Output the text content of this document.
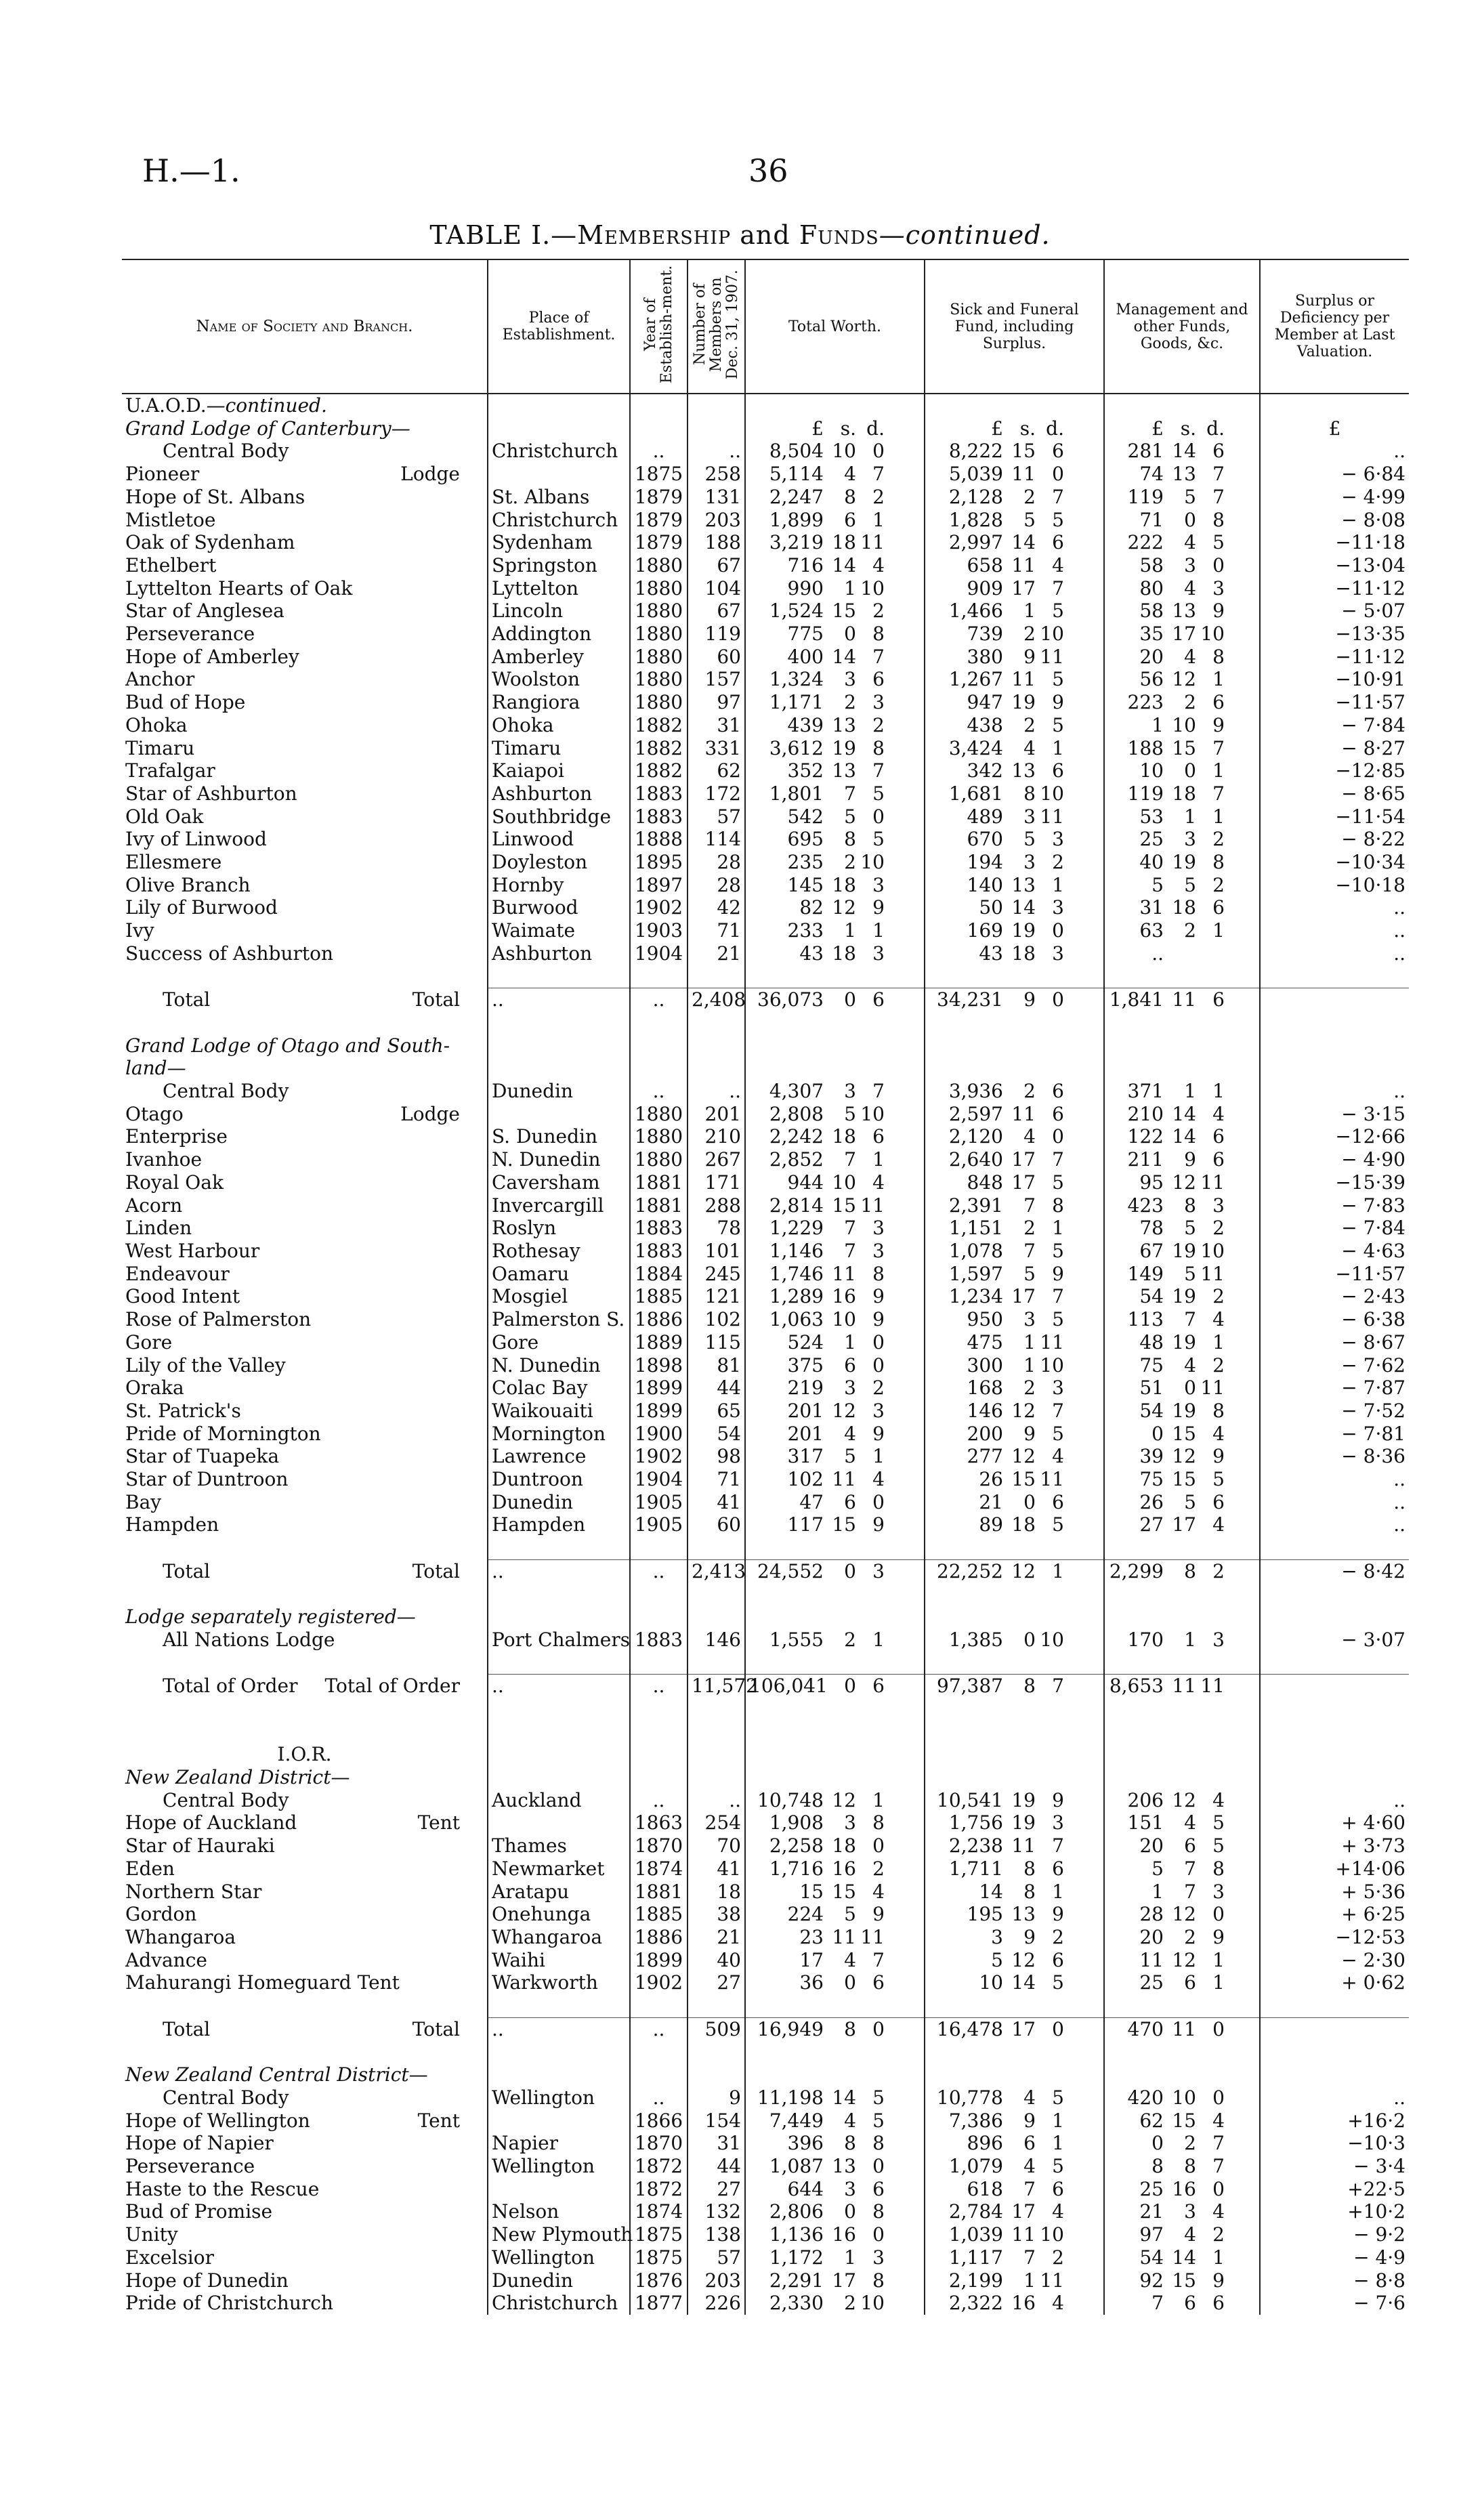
H.—1.	36
TABLE I.—Membership and Funds—continued.
Name of Society and Branch.	Place of Establishment.	Year of Establish-ment.	Number of Members on Dec. 31, 1907.	Total Worth.	Sick and Funeral Fund, including Surplus.	Management and other Funds, Goods, &c.	Surplus or Deficiency per Member at Last Valuation.
U.A.O.D.—continued.							
Grand Lodge of Canterbury—				£ s. d.	£ s. d.	£ s. d.	£
Central Body	Christchurch	..	..	8,504 10 0	8,222 15 6	281 14 6	..
Pioneer Lodge		1875	258	5,114 4 7	5,039 11 0	74 13 7	− 6·84
Hope of St. Albans	St. Albans	1879	131	2,247 8 2	2,128 2 7	119 5 7	− 4·99
Mistletoe	Christchurch	1879	203	1,899 6 1	1,828 5 5	71 0 8	− 8·08
Oak of Sydenham	Sydenham	1879	188	3,219 18 11	2,997 14 6	222 4 5	−11·18
Ethelbert	Springston	1880	67	716 14 4	658 11 4	58 3 0	−13·04
Lyttelton Hearts of Oak	Lyttelton	1880	104	990 1 10	909 17 7	80 4 3	−11·12
Star of Anglesea	Lincoln	1880	67	1,524 15 2	1,466 1 5	58 13 9	− 5·07
Perseverance	Addington	1880	119	775 0 8	739 2 10	35 17 10	−13·35
Hope of Amberley	Amberley	1880	60	400 14 7	380 9 11	20 4 8	−11·12
Anchor	Woolston	1880	157	1,324 3 6	1,267 11 5	56 12 1	−10·91
Bud of Hope	Rangiora	1880	97	1,171 2 3	947 19 9	223 2 6	−11·57
Ohoka	Ohoka	1882	31	439 13 2	438 2 5	1 10 9	− 7·84
Timaru	Timaru	1882	331	3,612 19 8	3,424 4 1	188 15 7	− 8·27
Trafalgar	Kaiapoi	1882	62	352 13 7	342 13 6	10 0 1	−12·85
Star of Ashburton	Ashburton	1883	172	1,801 7 5	1,681 8 10	119 18 7	− 8·65
Old Oak	Southbridge	1883	57	542 5 0	489 3 11	53 1 1	−11·54
Ivy of Linwood	Linwood	1888	114	695 8 5	670 5 3	25 3 2	− 8·22
Ellesmere	Doyleston	1895	28	235 2 10	194 3 2	40 19 8	−10·34
Olive Branch	Hornby	1897	28	145 18 3	140 13 1	5 5 2	−10·18
Lily of Burwood	Burwood	1902	42	82 12 9	50 14 3	31 18 6	..
Ivy	Waimate	1903	71	233 1 1	169 19 0	63 2 1	..
Success of Ashburton	Ashburton	1904	21	43 18 3	43 18 3	..	..

Total Total	..	..	2,408	36,073 0 6	34,231 9 0	1,841 11 6	

Grand Lodge of Otago and South-							
land—							
Central Body	Dunedin	..	..	4,307 3 7	3,936 2 6	371 1 1	..
Otago Lodge		1880	201	2,808 5 10	2,597 11 6	210 14 4	− 3·15
Enterprise	S. Dunedin	1880	210	2,242 18 6	2,120 4 0	122 14 6	−12·66
Ivanhoe	N. Dunedin	1880	267	2,852 7 1	2,640 17 7	211 9 6	− 4·90
Royal Oak	Caversham	1881	171	944 10 4	848 17 5	95 12 11	−15·39
Acorn	Invercargill	1881	288	2,814 15 11	2,391 7 8	423 8 3	− 7·83
Linden	Roslyn	1883	78	1,229 7 3	1,151 2 1	78 5 2	− 7·84
West Harbour	Rothesay	1883	101	1,146 7 3	1,078 7 5	67 19 10	− 4·63
Endeavour	Oamaru	1884	245	1,746 11 8	1,597 5 9	149 5 11	−11·57
Good Intent	Mosgiel	1885	121	1,289 16 9	1,234 17 7	54 19 2	− 2·43
Rose of Palmerston	Palmerston S.	1886	102	1,063 10 9	950 3 5	113 7 4	− 6·38
Gore	Gore	1889	115	524 1 0	475 1 11	48 19 1	− 8·67
Lily of the Valley	N. Dunedin	1898	81	375 6 0	300 1 10	75 4 2	− 7·62
Oraka	Colac Bay	1899	44	219 3 2	168 2 3	51 0 11	− 7·87
St. Patrick's	Waikouaiti	1899	65	201 12 3	146 12 7	54 19 8	− 7·52
Pride of Mornington	Mornington	1900	54	201 4 9	200 9 5	0 15 4	− 7·81
Star of Tuapeka	Lawrence	1902	98	317 5 1	277 12 4	39 12 9	− 8·36
Star of Duntroon	Duntroon	1904	71	102 11 4	26 15 11	75 15 5	..
Bay	Dunedin	1905	41	47 6 0	21 0 6	26 5 6	..
Hampden	Hampden	1905	60	117 15 9	89 18 5	27 17 4	..

Total Total	..	..	2,413	24,552 0 3	22,252 12 1	2,299 8 2	− 8·42

Lodge separately registered—							
All Nations Lodge	Port Chalmers	1883	146	1,555 2 1	1,385 0 10	170 1 3	− 3·07

Total of Order Total of Order	..	..	11,572	106,041 0 6	97,387 8 7	8,653 11 11	

I.O.R.							
New Zealand District—							
Central Body	Auckland	..	..	10,748 12 1	10,541 19 9	206 12 4	..
Hope of Auckland Tent		1863	254	1,908 3 8	1,756 19 3	151 4 5	+ 4·60
Star of Hauraki	Thames	1870	70	2,258 18 0	2,238 11 7	20 6 5	+ 3·73
Eden	Newmarket	1874	41	1,716 16 2	1,711 8 6	5 7 8	+14·06
Northern Star	Aratapu	1881	18	15 15 4	14 8 1	1 7 3	+ 5·36
Gordon	Onehunga	1885	38	224 5 9	195 13 9	28 12 0	+ 6·25
Whangaroa	Whangaroa	1886	21	23 11 11	3 9 2	20 2 9	−12·53
Advance	Waihi	1899	40	17 4 7	5 12 6	11 12 1	− 2·30
Mahurangi Homeguard Tent	Warkworth	1902	27	36 0 6	10 14 5	25 6 1	+ 0·62

Total Total	..	..	509	16,949 8 0	16,478 17 0	470 11 0	

New Zealand Central District—							
Central Body	Wellington	..	9	11,198 14 5	10,778 4 5	420 10 0	..
Hope of Wellington Tent		1866	154	7,449 4 5	7,386 9 1	62 15 4	+16·2
Hope of Napier	Napier	1870	31	396 8 8	896 6 1	0 2 7	−10·3
Perseverance	Wellington	1872	44	1,087 13 0	1,079 4 5	8 8 7	− 3·4
Haste to the Rescue		1872	27	644 3 6	618 7 6	25 16 0	+22·5
Bud of Promise	Nelson	1874	132	2,806 0 8	2,784 17 4	21 3 4	+10·2
Unity	New Plymouth	1875	138	1,136 16 0	1,039 11 10	97 4 2	− 9·2
Excelsior	Wellington	1875	57	1,172 1 3	1,117 7 2	54 14 1	− 4·9
Hope of Dunedin	Dunedin	1876	203	2,291 17 8	2,199 1 11	92 15 9	− 8·8
Pride of Christchurch	Christchurch	1877	226	2,330 2 10	2,322 16 4	7 6 6	− 7·6
